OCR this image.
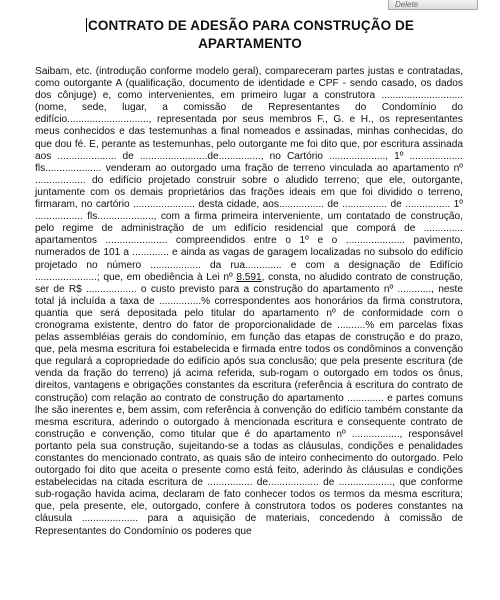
Delete
CONTRATO DE ADESÃO PARA CONSTRUÇÃO DE
APARTAMENTO
Saibam, etc. (introdução conforme modelo geral), compareceram partes justas e contratadas, como outorgante A (qualificação, documento de identidade e CPF - sendo casado, os dados dos cônjuge) e, como intervenientes, em primeiro lugar a construtora ............................. (nome, sede, lugar, a comissão de Representantes do Condomínio do edifício............................., representada por seus membros F., G. e H., os representantes meus conhecidos e das testemunhas a final nomeados e assinadas, minhas conhecidas, do que dou fé. E, perante as testemunhas, pelo outorgante me foi dito que, por escritura assinada aos ..................... de ........................de..............., no Cartório ...................., 1º ................... fls.................... venderam ao outorgado uma fração de terreno vinculada ao apartamento nº .................. do edifício projetado construir sobre o aludido terreno; que ele, outorgante, juntamente com os demais proprietários das frações ideais em que foi dividido o terreno, firmaram, no cartório ...................... desta cidade, aos................ de ................ de ................ 1º ................. fls...................., com a firma primeira interveniente, um contatado de construção, pelo regime de administração de um edifício residencial que comporá de .............. apartamentos ...................... compreendidos entre o 1º e o ..................... pavimento, numerados de 101 a ............. e ainda as vagas de garagem localizadas no subsolo do edifício projetado no número .................. da rua............. e com a designação de Edifício ......................; que, em obediência à Lei nº 8.591, consta, no aludido contrato de construção, ser de R$ .................. o custo previsto para a construção do apartamento nº ............, neste total já incluída a taxa de ...............% correspondentes aos honorários da firma construtora, quantia que será depositada pelo titular do apartamento nº de conformidade com o cronograma existente, dentro do fator de proporcionalidade de ..........% em parcelas fixas pelas assembléias gerais do condomínio, em função das etapas de construção e do prazo, que, pela mesma escritura foi estabelecida e firmada entre todos os condôminos a convenção que regulará a copropriedade do edifício após sua conclusão; que pela presente escritura (de venda da fração do terreno) já acima referida, sub-rogam o outorgado em todos os ônus, direitos, vantagens e obrigações constantes da escritura (referência à escritura do contrato de construção) com relação ao contrato de construção do apartamento ............. e partes comuns lhe são inerentes e, bem assim, com referência à convenção do edifício também constante da mesma escritura, aderindo o outorgado à mencionada escritura e consequente contrato de construção e convenção, como titular que é do apartamento nº ................., responsável portanto pela sua construção, sujeitando-se a todas as cláusulas, condições e penalidades constantes do mencionado contrato, as quais são de inteiro conhecimento do outorgado. Pelo outorgado foi dito que aceita o presente como está feito, aderindo às cláusulas e condições estabelecidas na citada escritura de ................ de.................. de ..................., que conforme sub-rogação havida acima, declaram de fato conhecer todos os termos da mesma escritura; que, pela presente, ele, outorgado, confere à construtora todos os poderes constantes na cláusula .................... para a aquisição de materiais, concedendo à comissão de Representantes do Condomínio os poderes que
